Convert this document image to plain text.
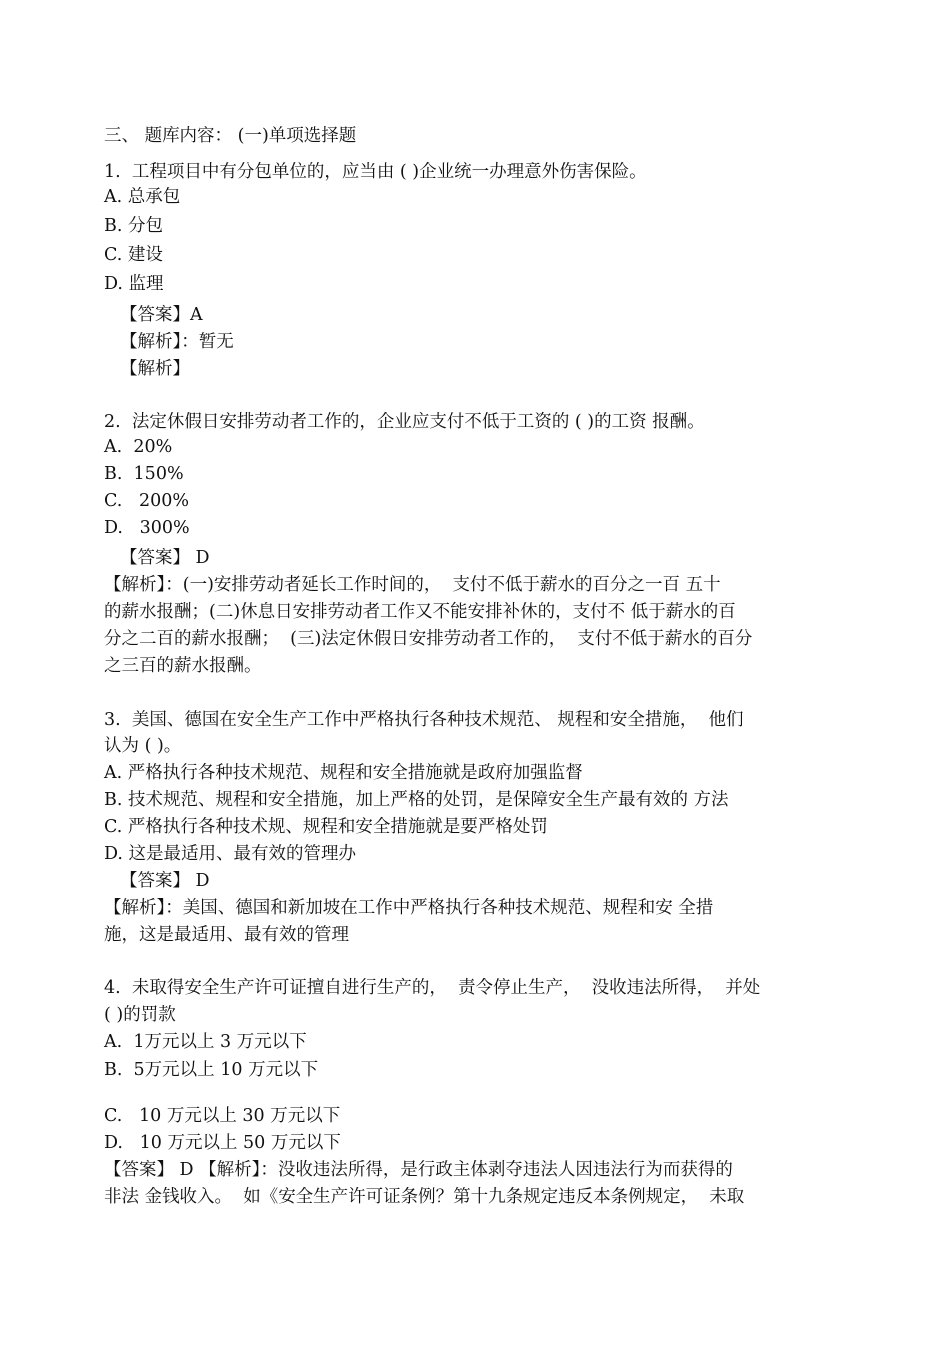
三、 题库内容： (一)单项选择题
1.  工程项目中有分包单位的，应当由 ( )企业统一办理意外伤害保险。
A. 总承包
B. 分包
C. 建设
D. 监理
【答案】A
【解析】：暂无
【解析】
2.  法定休假日安排劳动者工作的，企业应支付不低于工资的 ( )的工资 报酬。
A.  20%
B.  150%
C.   200%
D.   300%
【答案】 D
【解析】：(一)安排劳动者延长工作时间的，  支付不低于薪水的百分之一百 五十
的薪水报酬；(二)休息日安排劳动者工作又不能安排补休的，支付不 低于薪水的百
分之二百的薪水报酬；  (三)法定休假日安排劳动者工作的，  支付不低于薪水的百分
之三百的薪水报酬。
3.  美国、德国在安全生产工作中严格执行各种技术规范、 规程和安全措施，  他们
认为 ( )。
A. 严格执行各种技术规范、规程和安全措施就是政府加强监督
B. 技术规范、规程和安全措施，加上严格的处罚，是保障安全生产最有效的 方法
C. 严格执行各种技术规、规程和安全措施就是要严格处罚
D. 这是最适用、最有效的管理办
【答案】 D
【解析】：美国、德国和新加坡在工作中严格执行各种技术规范、规程和安 全措
施，这是最适用、最有效的管理
4.  未取得安全生产许可证擅自进行生产的，  责令停止生产，  没收违法所得，  并处
( )的罚款
A.  1万元以上 3 万元以下
B.  5万元以上 10 万元以下
C.   10 万元以上 30 万元以下
D.   10 万元以上 50 万元以下
【答案】 D 【解析】：没收违法所得，是行政主体剥夺违法人因违法行为而获得的
非法 金钱收入。  如《安全生产许可证条例？第十九条规定违反本条例规定，  未取
